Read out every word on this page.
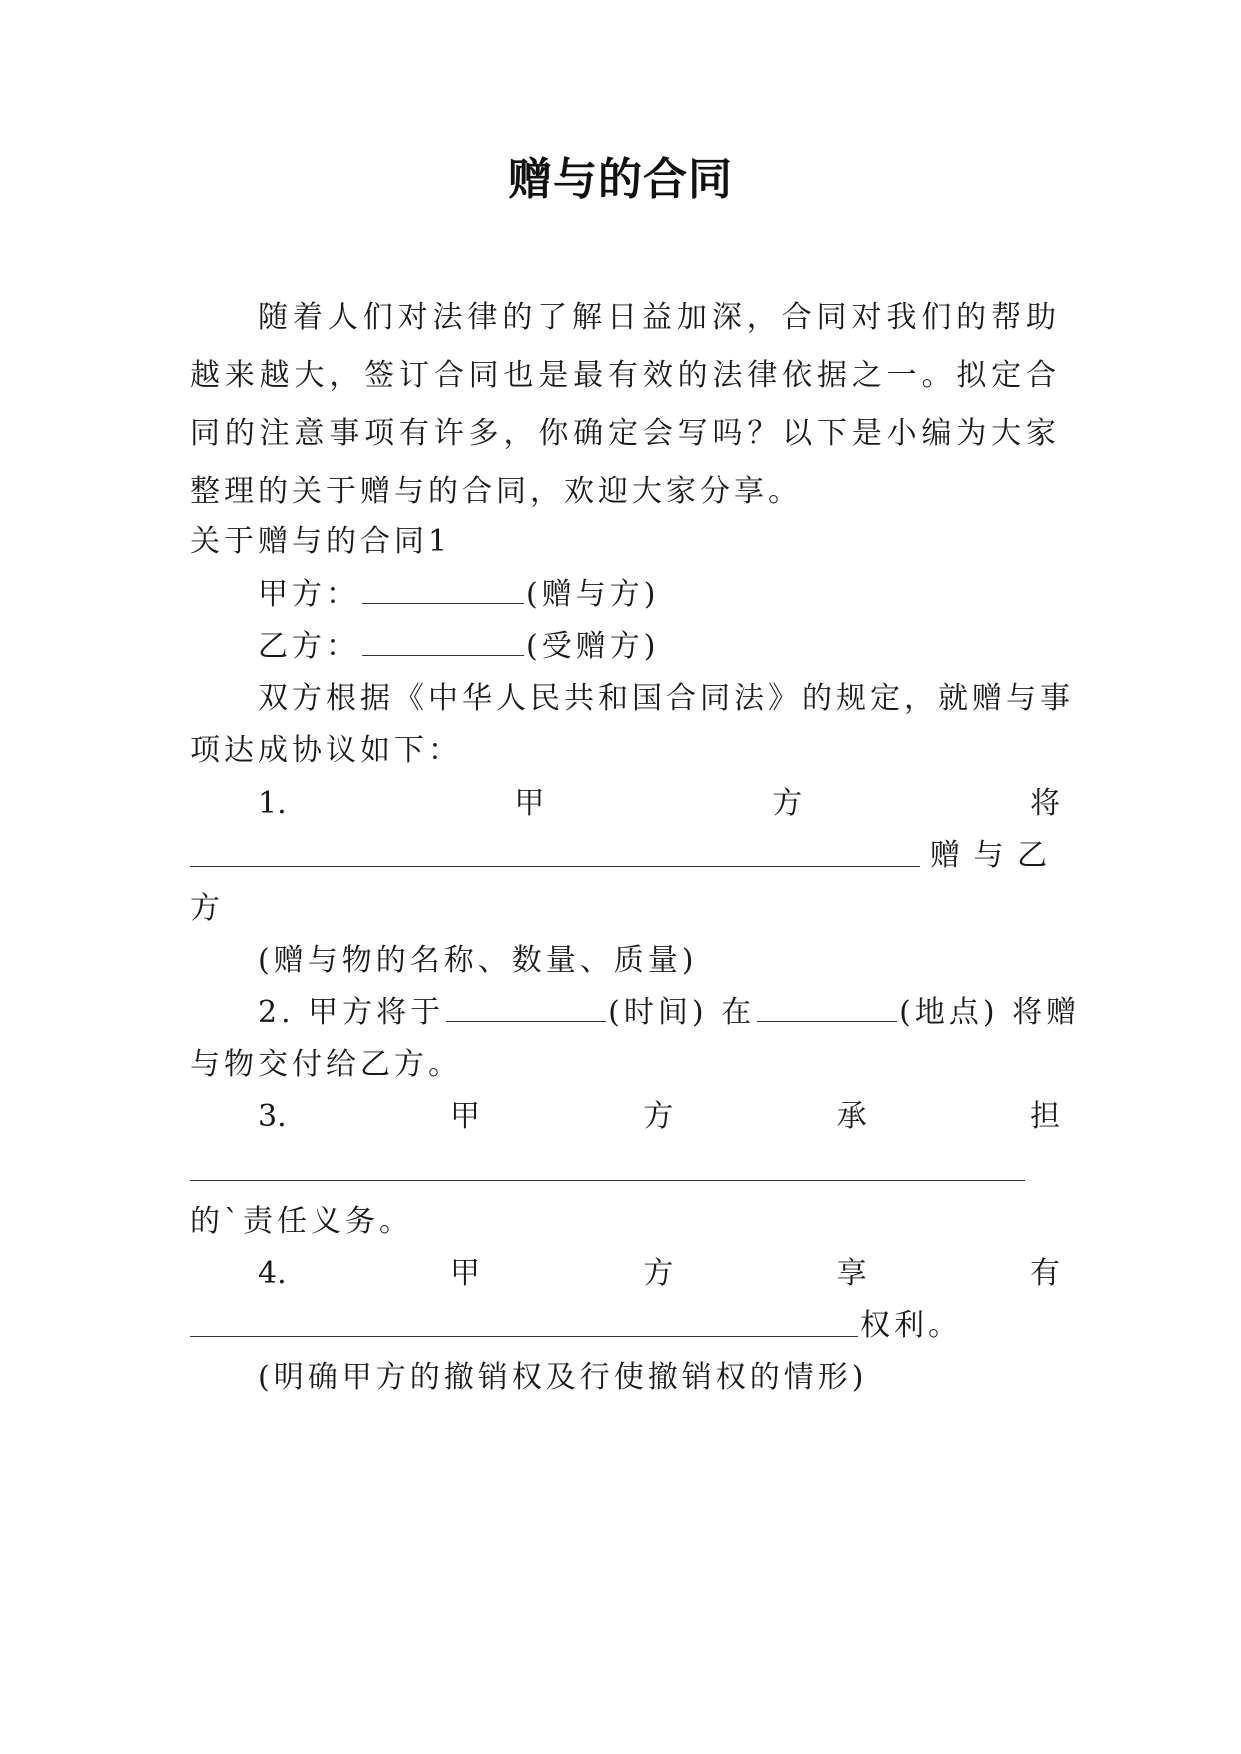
赠与的合同

随着人们对法律的了解日益加深，合同对我们的帮助越来越大，签订合同也是最有效的法律依据之一。拟定合同的注意事项有许多，你确定会写吗？以下是小编为大家整理的关于赠与的合同，欢迎大家分享。

关于赠与的合同1
甲方：	(赠与方)
乙方：	(受赠方)
双方根据《中华人民共和国合同法》的规定，就赠与事
项达成协议如下：
1.	甲	方	将
赠 与 乙
方
(赠与物的名称、数量、质量)
2. 甲方将于	(时间) 在	(地点) 将赠
与物交付给乙方。
3.	甲	方	承	担
的`责任义务。
4.	甲	方	享	有
权利。
(明确甲方的撤销权及行使撤销权的情形)
